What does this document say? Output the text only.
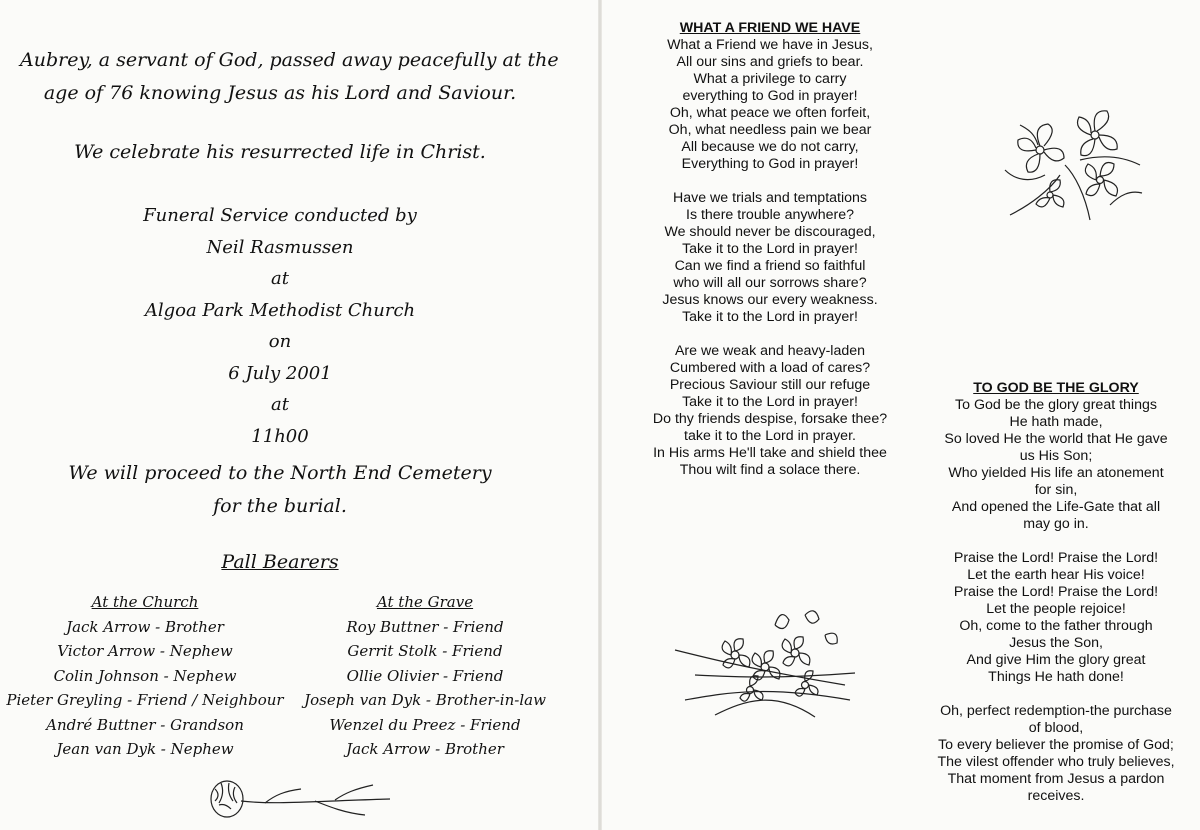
Aubrey, a servant of God, passed away peacefully at the
age of 76 knowing Jesus as his Lord and Saviour.
We celebrate his resurrected life in Christ.
Funeral Service conducted by
Neil Rasmussen
at
Algoa Park Methodist Church
on
6 July 2001
at
11h00
We will proceed to the North End Cemetery
for the burial.
Pall Bearers
At the Church
Jack Arrow - Brother
Victor Arrow - Nephew
Colin Johnson - Nephew
Pieter Greyling - Friend / Neighbour
André Buttner - Grandson
Jean van Dyk - Nephew
At the Grave
Roy Buttner - Friend
Gerrit Stolk - Friend
Ollie Olivier - Friend
Joseph van Dyk - Brother-in-law
Wenzel du Preez - Friend
Jack Arrow - Brother
WHAT A FRIEND WE HAVE
What a Friend we have in Jesus,
All our sins and griefs to bear.
What a privilege to carry
everything to God in prayer!
Oh, what peace we often forfeit,
Oh, what needless pain we bear
All because we do not carry,
Everything to God in prayer!
Have we trials and temptations
Is there trouble anywhere?
We should never be discouraged,
Take it to the Lord in prayer!
Can we find a friend so faithful
who will all our sorrows share?
Jesus knows our every weakness.
Take it to the Lord in prayer!
Are we weak and heavy-laden
Cumbered with a load of cares?
Precious Saviour still our refuge
Take it to the Lord in prayer!
Do thy friends despise, forsake thee?
take it to the Lord in prayer.
In His arms He'll take and shield thee
Thou wilt find a solace there.
TO GOD BE THE GLORY
To God be the glory great things
He hath made,
So loved He the world that He gave
us His Son;
Who yielded His life an atonement
for sin,
And opened the Life-Gate that all
may go in.
Praise the Lord! Praise the Lord!
Let the earth hear His voice!
Praise the Lord! Praise the Lord!
Let the people rejoice!
Oh, come to the father through
Jesus the Son,
And give Him the glory great
Things He hath done!
Oh, perfect redemption-the purchase
of blood,
To every believer the promise of God;
The vilest offender who truly believes,
That moment from Jesus a pardon
receives.
